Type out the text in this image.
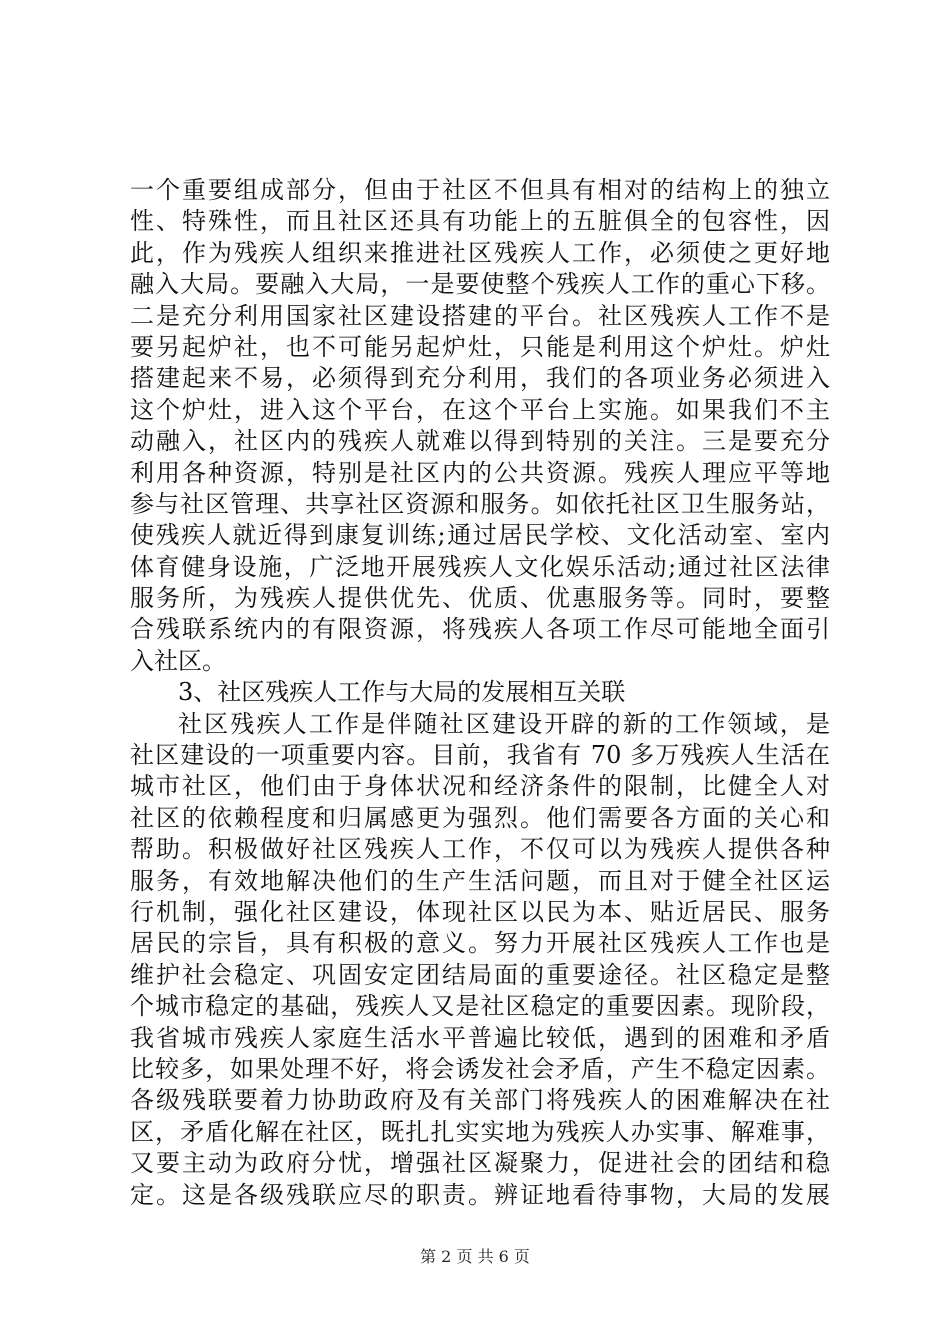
一个重要组成部分，但由于社区不但具有相对的结构上的独立
性、特殊性，而且社区还具有功能上的五脏俱全的包容性，因
此，作为残疾人组织来推进社区残疾人工作，必须使之更好地
融入大局。要融入大局，一是要使整个残疾人工作的重心下移。
二是充分利用国家社区建设搭建的平台。社区残疾人工作不是
要另起炉社，也不可能另起炉灶，只能是利用这个炉灶。炉灶
搭建起来不易，必须得到充分利用，我们的各项业务必须进入
这个炉灶，进入这个平台，在这个平台上实施。如果我们不主
动融入，社区内的残疾人就难以得到特别的关注。三是要充分
利用各种资源，特别是社区内的公共资源。残疾人理应平等地
参与社区管理、共享社区资源和服务。如依托社区卫生服务站，
使残疾人就近得到康复训练;通过居民学校、文化活动室、室内
体育健身设施，广泛地开展残疾人文化娱乐活动;通过社区法律
服务所，为残疾人提供优先、优质、优惠服务等。同时，要整
合残联系统内的有限资源，将残疾人各项工作尽可能地全面引
入社区。
3、社区残疾人工作与大局的发展相互关联
社区残疾人工作是伴随社区建设开辟的新的工作领域，是
社区建设的一项重要内容。目前，我省有 70 多万残疾人生活在
城市社区，他们由于身体状况和经济条件的限制，比健全人对
社区的依赖程度和归属感更为强烈。他们需要各方面的关心和
帮助。积极做好社区残疾人工作，不仅可以为残疾人提供各种
服务，有效地解决他们的生产生活问题，而且对于健全社区运
行机制，强化社区建设，体现社区以民为本、贴近居民、服务
居民的宗旨，具有积极的意义。努力开展社区残疾人工作也是
维护社会稳定、巩固安定团结局面的重要途径。社区稳定是整
个城市稳定的基础，残疾人又是社区稳定的重要因素。现阶段，
我省城市残疾人家庭生活水平普遍比较低，遇到的困难和矛盾
比较多，如果处理不好，将会诱发社会矛盾，产生不稳定因素。
各级残联要着力协助政府及有关部门将残疾人的困难解决在社
区，矛盾化解在社区，既扎扎实实地为残疾人办实事、解难事，
又要主动为政府分忧，增强社区凝聚力，促进社会的团结和稳
定。这是各级残联应尽的职责。辨证地看待事物，大局的发展
第 2 页 共 6 页
